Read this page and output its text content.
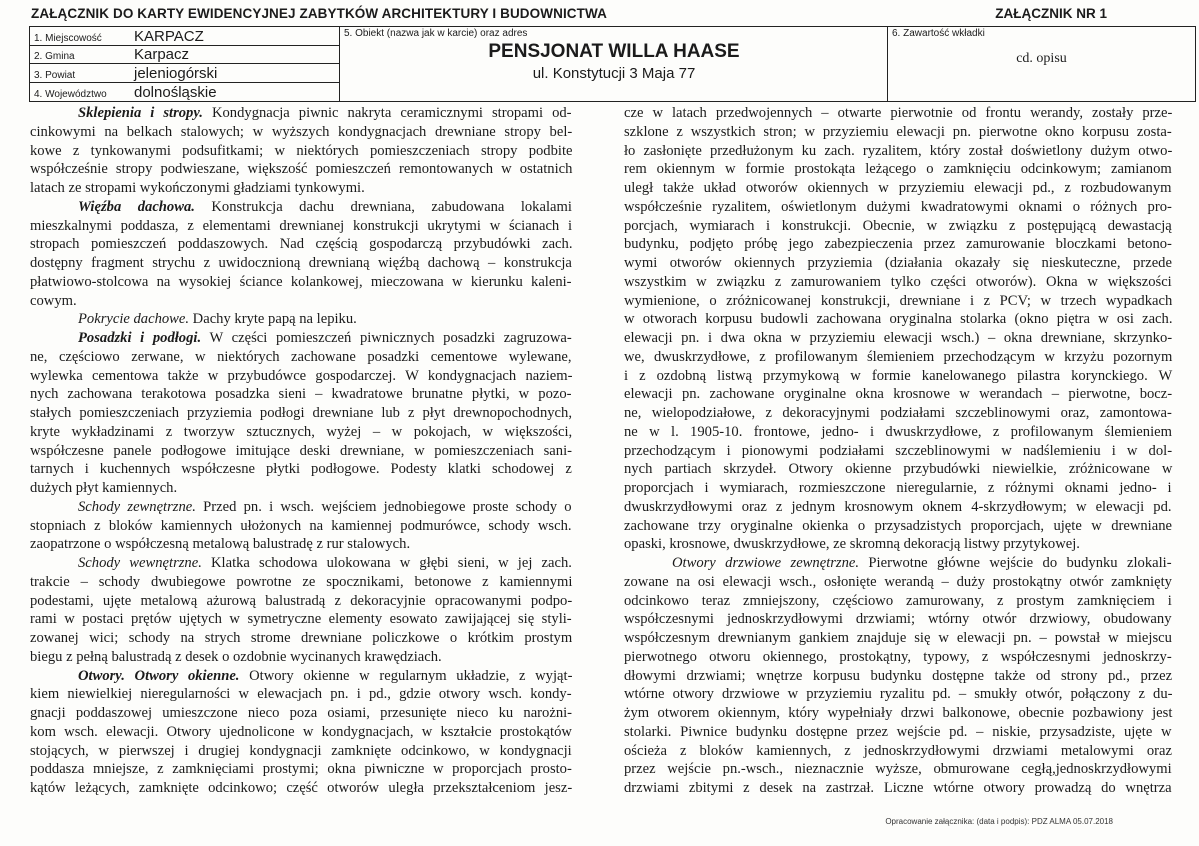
ZAŁĄCZNIK DO KARTY EWIDENCYJNEJ ZABYTKÓW ARCHITEKTURY I BUDOWNICTWA	ZAŁĄCZNIK NR 1
1. Miejscowość KARPACZ
2. Gmina	Karpacz
3. Powiat	jeleniogórski
4. Województwo dolnośląskie
5. Obiekt (nazwa jak w karcie) oraz adres
PENSJONAT WILLA HAASE
ul. Konstytucji 3 Maja 77
6. Zawartość wkładki
cd. opisu
Sklepienia i stropy. Kondygnacja piwnic nakryta ceramicznymi stropami od-
cinkowymi na belkach stalowych; w wyższych kondygnacjach drewniane stropy bel-
kowe z tynkowanymi podsufitkami; w niektórych pomieszczeniach stropy podbite
współcześnie stropy podwieszane, większość pomieszczeń remontowanych w ostatnich
latach ze stropami wykończonymi gładziami tynkowymi.
Więźba dachowa. Konstrukcja dachu drewniana, zabudowana lokalami
mieszkalnymi poddasza, z elementami drewnianej konstrukcji ukrytymi w ścianach i
stropach pomieszczeń poddaszowych. Nad częścią gospodarczą przybudówki zach.
dostępny fragment strychu z uwidocznioną drewnianą więźbą dachową – konstrukcja
płatwiowo-stolcowa na wysokiej ściance kolankowej, mieczowana w kierunku kaleni-
cowym.
Pokrycie dachowe. Dachy kryte papą na lepiku.
Posadzki i podłogi. W części pomieszczeń piwnicznych posadzki zagruzowa-
ne, częściowo zerwane, w niektórych zachowane posadzki cementowe wylewane,
wylewka cementowa także w przybudówce gospodarczej. W kondygnacjach naziem-
nych zachowana terakotowa posadzka sieni – kwadratowe brunatne płytki, w pozo-
stałych pomieszczeniach przyziemia podłogi drewniane lub z płyt drewnopochodnych,
kryte wykładzinami z tworzyw sztucznych, wyżej – w pokojach, w większości,
współczesne panele podłogowe imitujące deski drewniane, w pomieszczeniach sani-
tarnych i kuchennych współczesne płytki podłogowe. Podesty klatki schodowej z
dużych płyt kamiennych.
Schody zewnętrzne. Przed pn. i wsch. wejściem jednobiegowe proste schody o
stopniach z bloków kamiennych ułożonych na kamiennej podmurówce, schody wsch.
zaopatrzone o współczesną metalową balustradę z rur stalowych.
Schody wewnętrzne. Klatka schodowa ulokowana w głębi sieni, w jej zach.
trakcie – schody dwubiegowe powrotne ze spocznikami, betonowe z kamiennymi
podestami, ujęte metalową ażurową balustradą z dekoracyjnie opracowanymi podpo-
rami w postaci prętów ujętych w symetryczne elementy esowato zawijającej się styli-
zowanej wici; schody na strych strome drewniane policzkowe o krótkim prostym
biegu z pełną balustradą z desek o ozdobnie wycinanych krawędziach.
Otwory. Otwory okienne. Otwory okienne w regularnym układzie, z wyjąt-
kiem niewielkiej nieregularności w elewacjach pn. i pd., gdzie otwory wsch. kondy-
gnacji poddaszowej umieszczone nieco poza osiami, przesunięte nieco ku narożni-
kom wsch. elewacji. Otwory ujednolicone w kondygnacjach, w kształcie prostokątów
stojących, w pierwszej i drugiej kondygnacji zamknięte odcinkowo, w kondygnacji
poddasza mniejsze, z zamknięciami prostymi; okna piwniczne w proporcjach prosto-
kątów leżących, zamknięte odcinkowo; część otworów uległa przekształceniom jesz-
cze w latach przedwojennych – otwarte pierwotnie od frontu werandy, zostały prze-
szklone z wszystkich stron; w przyziemiu elewacji pn. pierwotne okno korpusu zosta-
ło zasłonięte przedłużonym ku zach. ryzalitem, który został doświetlony dużym otwo-
rem okiennym w formie prostokąta leżącego o zamknięciu odcinkowym; zamianom
uległ także układ otworów okiennych w przyziemiu elewacji pd., z rozbudowanym
współcześnie ryzalitem, oświetlonym dużymi kwadratowymi oknami o różnych pro-
porcjach, wymiarach i konstrukcji. Obecnie, w związku z postępującą dewastacją
budynku, podjęto próbę jego zabezpieczenia przez zamurowanie bloczkami betono-
wymi otworów okiennych przyziemia (działania okazały się nieskuteczne, przede
wszystkim w związku z zamurowaniem tylko części otworów). Okna w większości
wymienione, o zróżnicowanej konstrukcji, drewniane i z PCV; w trzech wypadkach
w otworach korpusu budowli zachowana oryginalna stolarka (okno piętra w osi zach.
elewacji pn. i dwa okna w przyziemiu elewacji wsch.) – okna drewniane, skrzynko-
we, dwuskrzydłowe, z profilowanym ślemieniem przechodzącym w krzyżu pozornym
i z ozdobną listwą przymykową w formie kanelowanego pilastra korynckiego. W
elewacji pn. zachowane oryginalne okna krosnowe w werandach – pierwotne, bocz-
ne, wielopodziałowe, z dekoracyjnymi podziałami szczeblinowymi oraz, zamontowa-
ne w l. 1905-10. frontowe, jedno- i dwuskrzydłowe, z profilowanym ślemieniem
przechodzącym i pionowymi podziałami szczeblinowymi w nadślemieniu i w dol-
nych partiach skrzydeł. Otwory okienne przybudówki niewielkie, zróżnicowane w
proporcjach i wymiarach, rozmieszczone nieregularnie, z różnymi oknami jedno- i
dwuskrzydłowymi oraz z jednym krosnowym oknem 4-skrzydłowym; w elewacji pd.
zachowane trzy oryginalne okienka o przysadzistych proporcjach, ujęte w drewniane
opaski, krosnowe, dwuskrzydłowe, ze skromną dekoracją listwy przytykowej.
Otwory drzwiowe zewnętrzne. Pierwotne główne wejście do budynku zlokali-
zowane na osi elewacji wsch., osłonięte werandą – duży prostokątny otwór zamknięty
odcinkowo teraz zmniejszony, częściowo zamurowany, z prostym zamknięciem i
współczesnymi jednoskrzydłowymi drzwiami; wtórny otwór drzwiowy, obudowany
współczesnym drewnianym gankiem znajduje się w elewacji pn. – powstał w miejscu
pierwotnego otworu okiennego, prostokątny, typowy, z współczesnymi jednoskrzy-
dłowymi drzwiami; wnętrze korpusu budynku dostępne także od strony pd., przez
wtórne otwory drzwiowe w przyziemiu ryzalitu pd. – smukły otwór, połączony z du-
żym otworem okiennym, który wypełniały drzwi balkonowe, obecnie pozbawiony jest
stolarki. Piwnice budynku dostępne przez wejście pd. – niskie, przysadziste, ujęte w
ościeża z bloków kamiennych, z jednoskrzydłowymi drzwiami metalowymi oraz
przez wejście pn.-wsch., nieznacznie wyższe, obmurowane cegłą,jednoskrzydłowymi
drzwiami zbitymi z desek na zastrzał. Liczne wtórne otwory prowadzą do wnętrza
Opracowanie załącznika: (data i podpis): PDZ ALMA 05.07.2018
